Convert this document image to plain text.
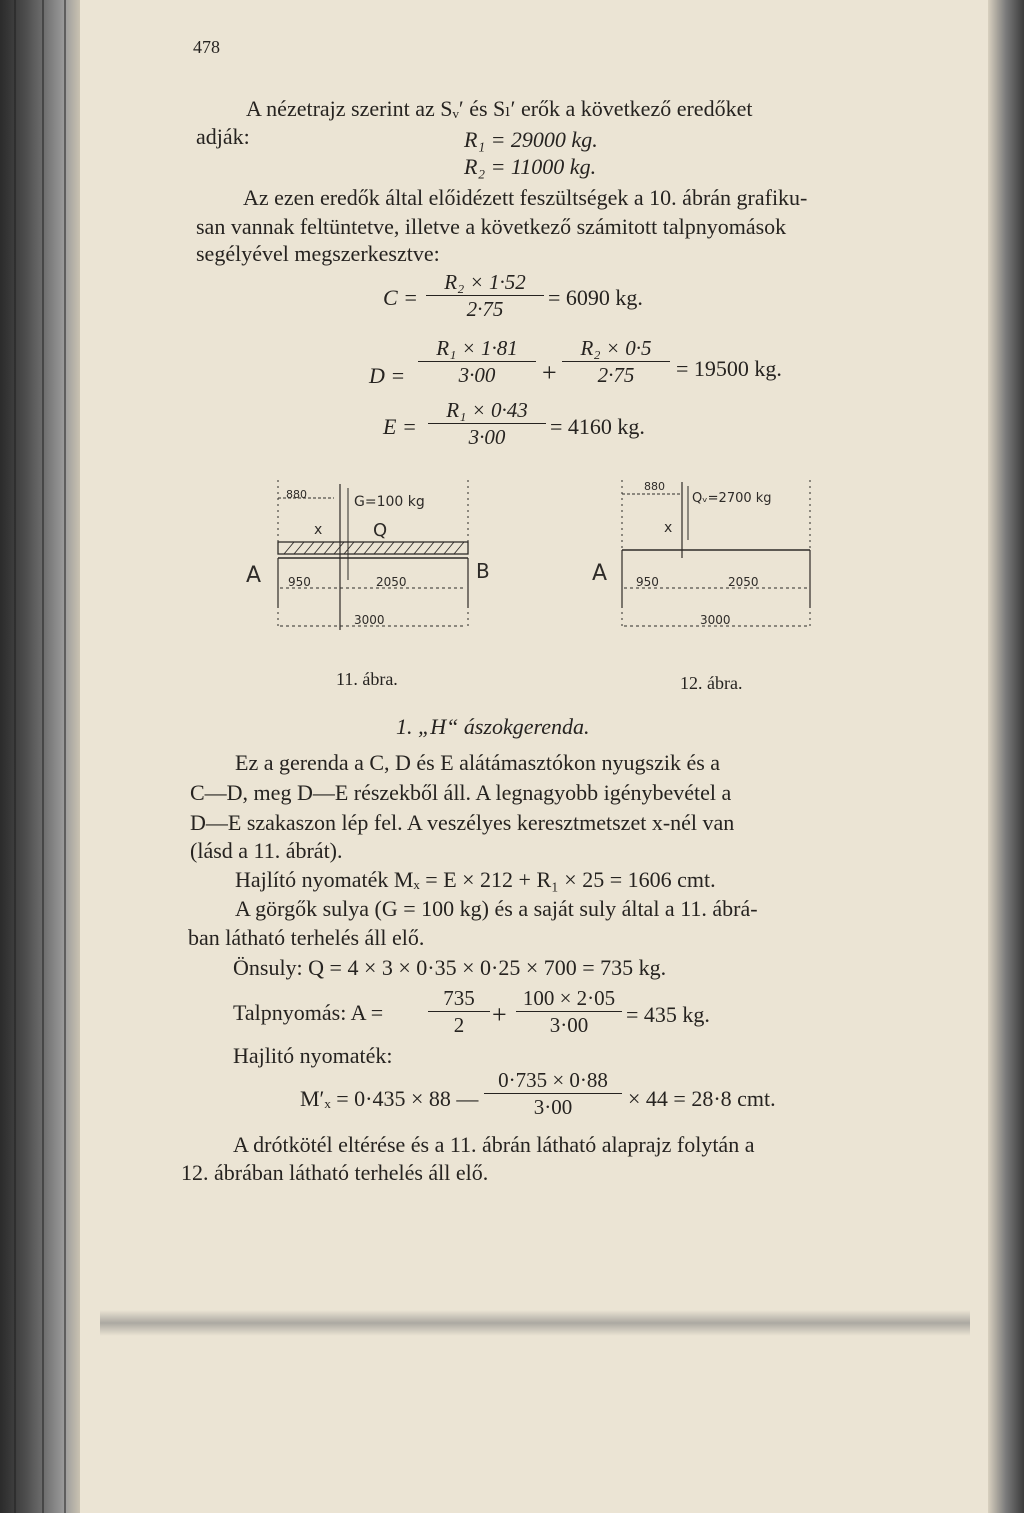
478
A nézetrajz szerint az Sᵥ′ és Sₗ′ erők a következő eredőket
adják:	R₁ = 29000 kg.
R₂ = 11000 kg.
Az ezen eredők által előidézett feszültségek a 10. ábrán grafiku-
san vannak feltüntetve, illetve a következő számitott talpnyomások
segélyével megszerkesztve:
$C = \frac{\text{R₂ × 1·52}}{2\cdot 75} = 6090$ kg.
$D = \frac{\text{R₁ × 1·81}}{3\cdot 00} + \frac{\text{R₂ × 0·5}}{2\cdot 75} = 19500$ kg.
$E = \frac{\text{R₁ × 0·43}}{3\cdot 00} = 4160$ kg.
880	G=100 kg
x	Q
A	B
950	2050
3000
11. ábra.
880
Qᵥ=2700 kg
x
A 950	2050
3000
12. ábra.
1. „H“ ászokgerenda.
Ez a gerenda a C, D és E alátámasztókon nyugszik és a
C—D, meg D—E részekből áll. A legnagyobb igénybevétel a
D—E szakaszon lép fel. A veszélyes keresztmetszet x-nél van
(lásd a 11. ábrát).
Hajlító nyomaték Mₓ = E × 212 + R₁ × 25 = 1606 cmt.
A görgők sulya (G = 100 kg) és a saját suly által a 11. ábrá-
ban látható terhelés áll elő.
Önsuly: Q = 4 × 3 × 0·35 × 0·25 × 700 = 735 kg.
Talpnyomás: $A = \frac{735}{2} + \frac{100 \times 2\cdot 05}{3\cdot 00} = 435$ kg.
Hajlitó nyomaték:
M′ₓ = 0·435 × 88 — $\frac{0\cdot 735 \times 0\cdot 88}{3\cdot 00} \times 44 = 28\cdot 8$ cmt.
A drótkötél eltérése és a 11. ábrán látható alaprajz folytán a
12. ábrában látható terhelés áll elő.
